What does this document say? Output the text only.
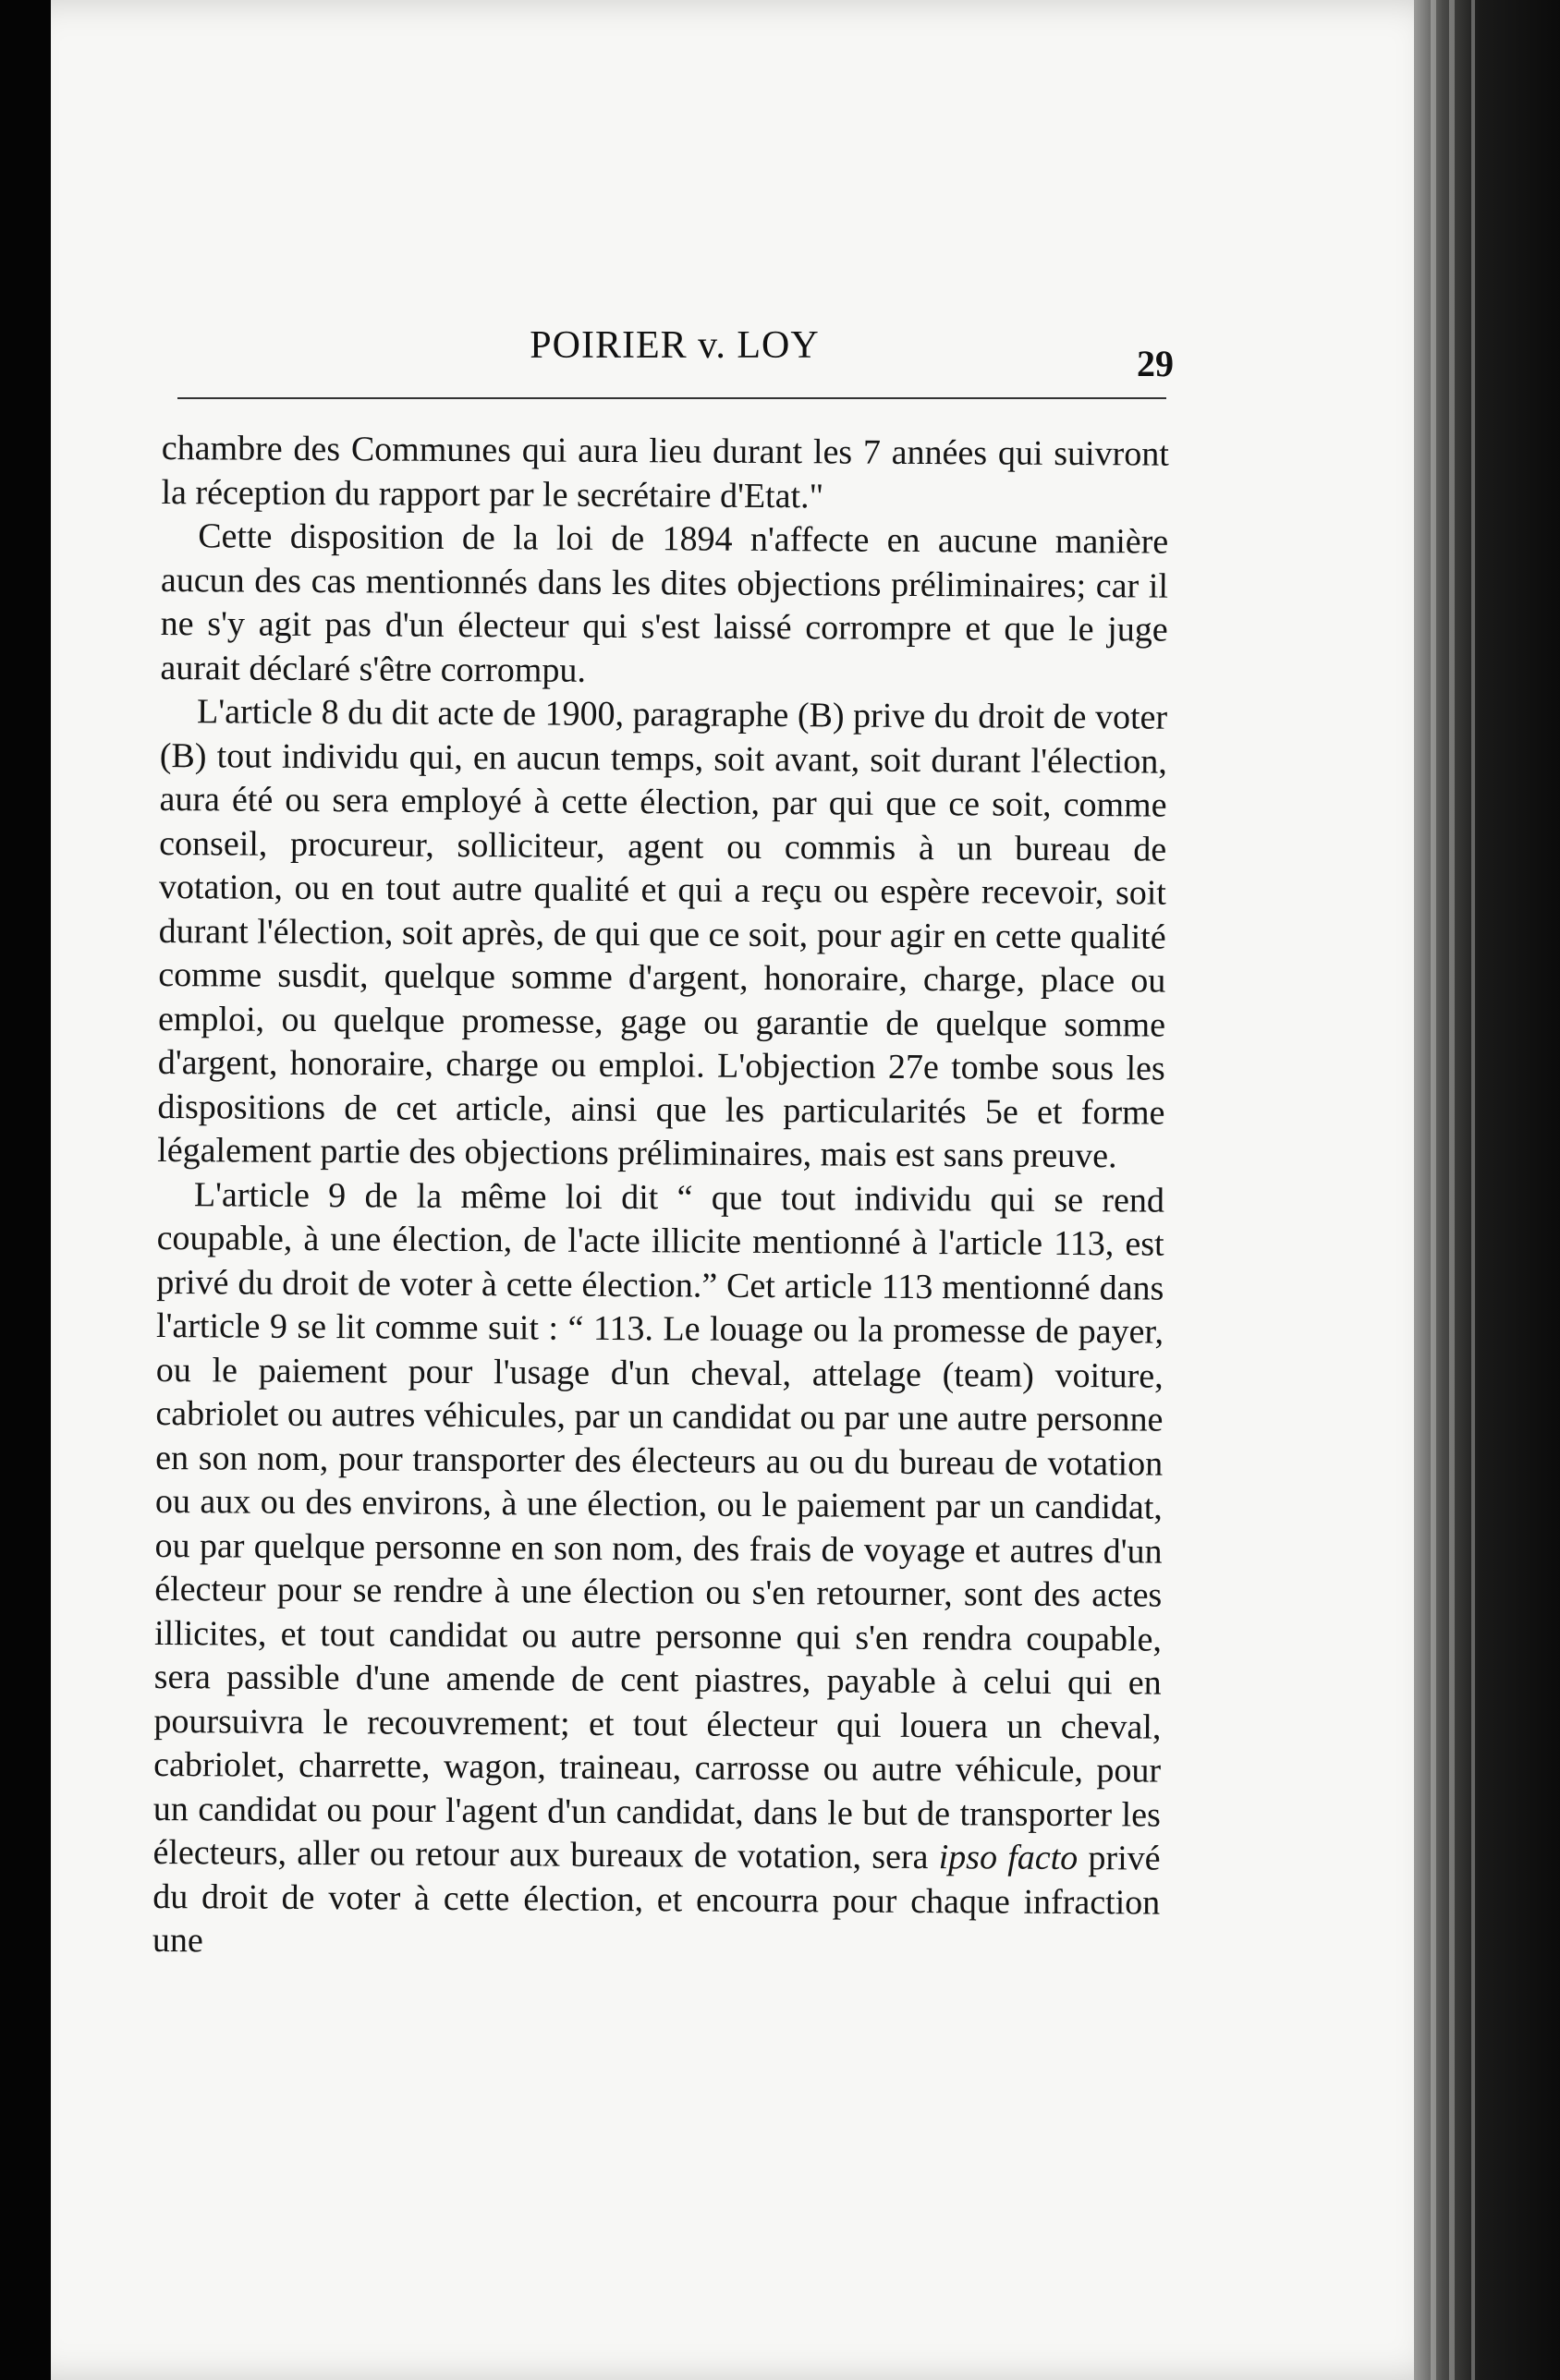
POIRIER v. LOY	29

chambre des Communes qui aura lieu durant les 7 années qui suivront la réception du rapport par le secrétaire d'Etat."

Cette disposition de la loi de 1894 n'affecte en aucune manière aucun des cas mentionnés dans les dites objections préliminaires; car il ne s'y agit pas d'un électeur qui s'est laissé corrompre et que le juge aurait déclaré s'être corrompu.

L'article 8 du dit acte de 1900, paragraphe (B) prive du droit de voter (B) tout individu qui, en aucun temps, soit avant, soit durant l'élection, aura été ou sera employé à cette élection, par qui que ce soit, comme conseil, procureur, solliciteur, agent ou commis à un bureau de votation, ou en tout autre qualité et qui a reçu ou espère recevoir, soit durant l'élection, soit après, de qui que ce soit, pour agir en cette qualité comme susdit, quelque somme d'argent, honoraire, charge, place ou emploi, ou quelque promesse, gage ou garantie de quelque somme d'argent, honoraire, charge ou emploi. L'objection 27e tombe sous les dispositions de cet article, ainsi que les particularités 5e et forme légalement partie des objections préliminaires, mais est sans preuve.

L'article 9 de la même loi dit “ que tout individu qui se rend coupable, à une élection, de l'acte illicite mentionné à l'article 113, est privé du droit de voter à cette élection.” Cet article 113 mentionné dans l'article 9 se lit comme suit : “ 113. Le louage ou la promesse de payer, ou le paiement pour l'usage d'un cheval, attelage (team) voiture, cabriolet ou autres véhicules, par un candidat ou par une autre personne en son nom, pour transporter des électeurs au ou du bureau de votation ou aux ou des environs, à une élection, ou le paiement par un candidat, ou par quelque personne en son nom, des frais de voyage et autres d'un électeur pour se rendre à une élection ou s'en retourner, sont des actes illicites, et tout candidat ou autre personne qui s'en rendra coupable, sera passible d'une amende de cent piastres, payable à celui qui en poursuivra le recouvrement; et tout électeur qui louera un cheval, cabriolet, charrette, wagon, traineau, carrosse ou autre véhicule, pour un candidat ou pour l'agent d'un candidat, dans le but de transporter les électeurs, aller ou retour aux bureaux de votation, sera ipso facto privé du droit de voter à cette élection, et encourra pour chaque infraction une
